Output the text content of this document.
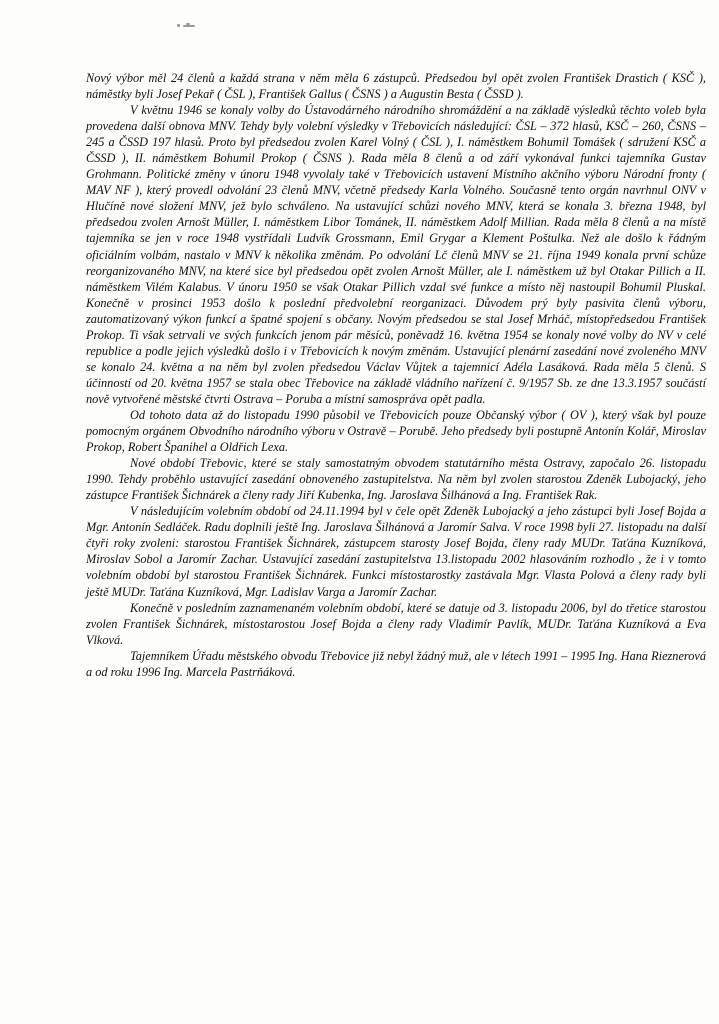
Nový výbor měl 24 členů a každá strana v něm měla 6 zástupců. Předsedou byl opět zvolen František Drastich ( KSČ ), náměstky byli Josef Pekař ( ČSL ), František Gallus ( ČSNS ) a Augustin Besta ( ČSSD ).

V květnu 1946 se konaly volby do Ústavodárného národního shromáždění a na základě výsledků těchto voleb byla provedena další obnova MNV. Tehdy byly volební výsledky v Třebovicích následující: ČSL – 372 hlasů, KSČ – 260, ČSNS – 245 a ČSSD 197 hlasů. Proto byl předsedou zvolen Karel Volný ( ČSL ), I. náměstkem Bohumil Tomášek ( sdružení KSČ a ČSSD ), II. náměstkem Bohumil Prokop ( ČSNS ). Rada měla 8 členů a od září vykonával funkci tajemníka Gustav Grohmann. Politické změny v únoru 1948 vyvolaly také v Třebovicích ustavení Místního akčního výboru Národní fronty ( MAV NF ), který provedl odvolání 23 členů MNV, včetně předsedy Karla Volného. Současně tento orgán navrhnul ONV v Hlučíně nové složení MNV, jež bylo schváleno. Na ustavující schůzi nového MNV, která se konala 3. března 1948, byl předsedou zvolen Arnošt Müller, I. náměstkem Libor Tománek, II. náměstkem Adolf Millian. Rada měla 8 členů a na místě tajemníka se jen v roce 1948 vystřídali Ludvík Grossmann, Emil Grygar a Klement Poštulka. Než ale došlo k řádným oficiálním volbám, nastalo v MNV k několika změnám. Po odvolání Lč členů MNV se 21. října 1949 konala první schůze reorganizovaného MNV, na které sice byl předsedou opět zvolen Arnošt Müller, ale I. náměstkem už byl Otakar Pillich a II. náměstkem Vilém Kalabus. V únoru 1950 se však Otakar Pillich vzdal své funkce a místo něj nastoupil Bohumil Pluskal. Konečně v prosinci 1953 došlo k poslední předvolební reorganizaci. Důvodem prý byly pasivita členů výboru, zautomatizovaný výkon funkcí a špatné spojení s občany. Novým předsedou se stal Josef Mrháč, místopředsedou František Prokop. Ti však setrvali ve svých funkcích jenom pár měsíců, poněvadž 16. května 1954 se konaly nové volby do NV v celé republice a podle jejich výsledků došlo i v Třebovicích k novým změnám. Ustavující plenární zasedání nové zvoleného MNV se konalo 24. května a na něm byl zvolen předsedou Václav Vůjtek a tajemnicí Adéla Lasáková. Rada měla 5 členů. S účinností od 20. května 1957 se stala obec Třebovice na základě vládního nařízení č. 9/1957 Sb. ze dne 13.3.1957 součástí nově vytvořené městské čtvrti Ostrava – Poruba a místní samospráva opět padla.

Od tohoto data až do listopadu 1990 působil ve Třebovicích pouze Občanský výbor ( OV ), který však byl pouze pomocným orgánem Obvodního národního výboru v Ostravě – Porubě. Jeho předsedy byli postupně Antonín Kolář, Miroslav Prokop, Robert Španihel a Oldřich Lexa.

Nové období Třebovic, které se staly samostatným obvodem statutárního města Ostravy, započalo 26. listopadu 1990. Tehdy proběhlo ustavující zasedání obnoveného zastupitelstva. Na něm byl zvolen starostou Zdeněk Lubojacký, jeho zástupce František Šichnárek a členy rady Jiří Kubenka, Ing. Jaroslava Šilhánová a Ing. František Rak.

V následujícím volebním období od 24.11.1994 byl v čele opět Zdeněk Lubojacký a jeho zástupci byli Josef Bojda a Mgr. Antonín Sedláček. Radu doplnili ještě Ing. Jaroslava Šilhánová a Jaromír Salva. V roce 1998 byli 27. listopadu na další čtyři roky zvoleni: starostou František Šichnárek, zástupcem starosty Josef Bojda, členy rady MUDr. Taťána Kuzníková, Miroslav Sobol a Jaromír Zachar. Ustavující zasedání zastupitelstva 13.listopadu 2002 hlasováním rozhodlo , že i v tomto volebním období byl starostou František Šichnárek. Funkci místostarostky zastávala Mgr. Vlasta Polová a členy rady byli ještě MUDr. Taťána Kuzníková, Mgr. Ladislav Varga a Jaromír Zachar.

Konečně v posledním zaznamenaném volebním období, které se datuje od 3. listopadu 2006, byl do třetice starostou zvolen František Šichnárek, místostarostou Josef Bojda a členy rady Vladimír Pavlík, MUDr. Taťána Kuzníková a Eva Vlková.

Tajemníkem Úřadu městského obvodu Třebovice již nebyl žádný muž, ale v létech 1991 – 1995 Ing. Hana Rieznerová a od roku 1996 Ing. Marcela Pastrňáková.
